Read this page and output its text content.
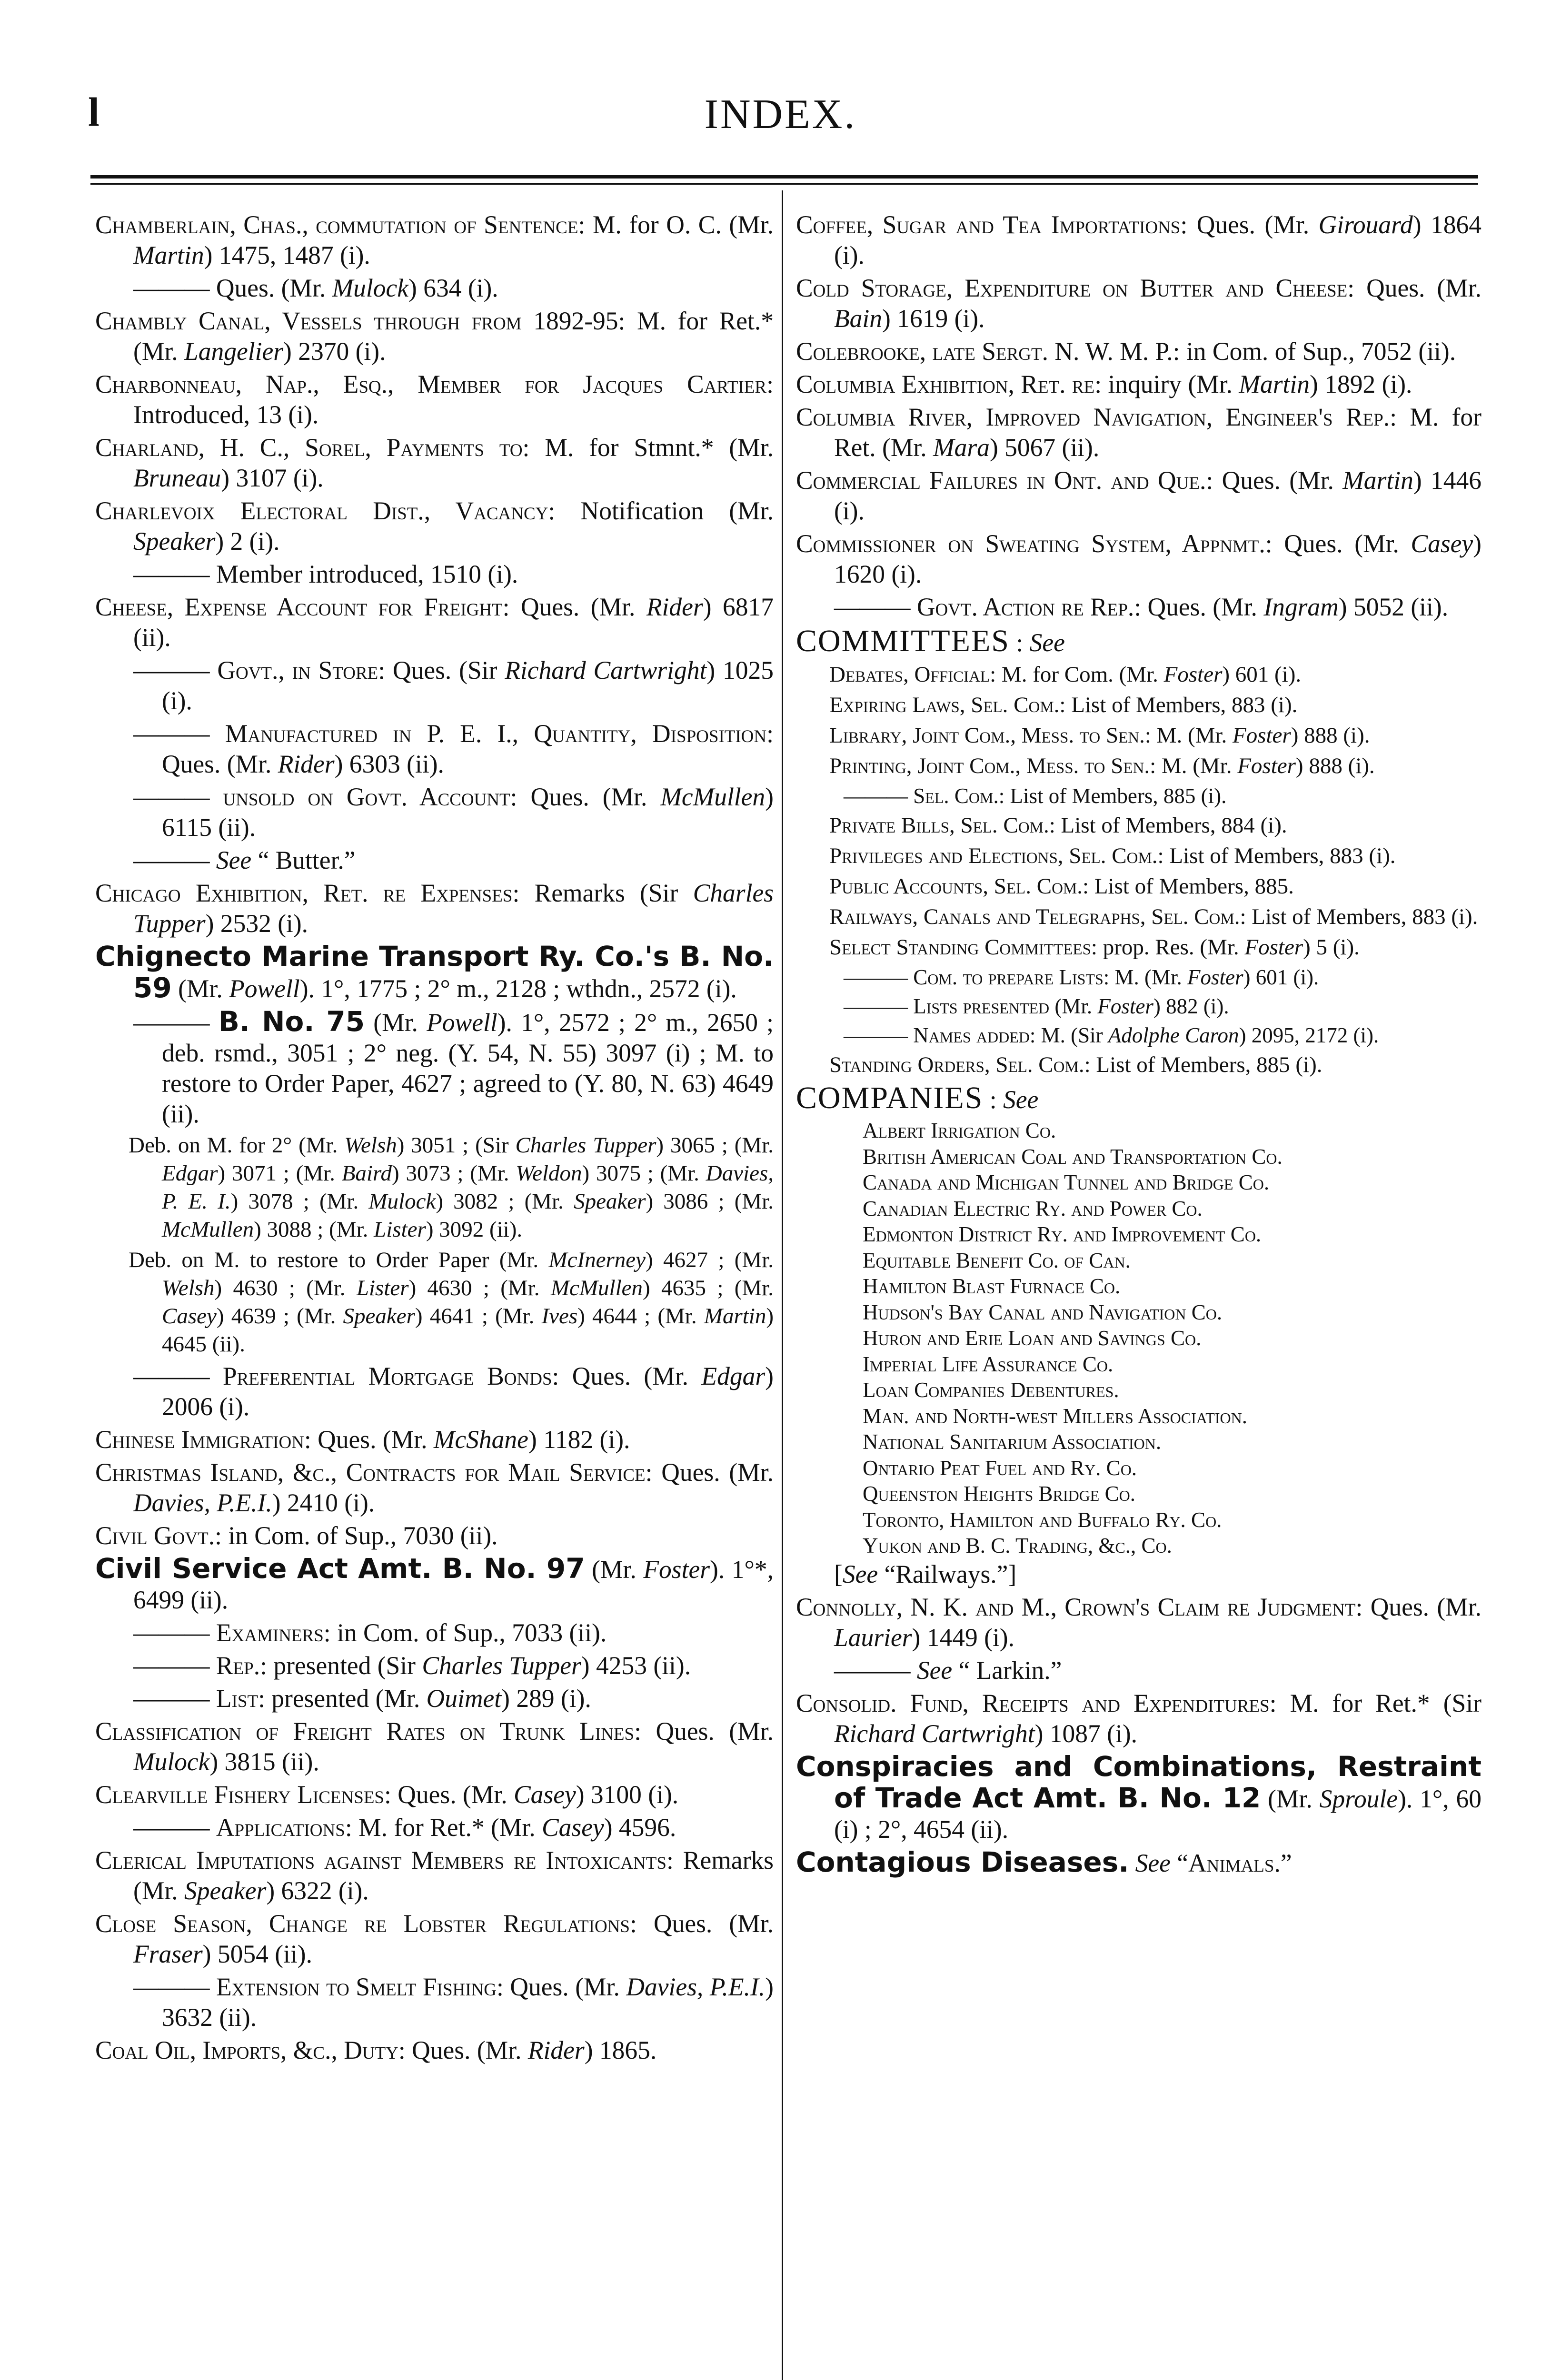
l	INDEX.

Chamberlain, Chas., commutation of Sentence: M. for O. C. (Mr. Martin) 1475, 1487 (i).

——— Ques. (Mr. Mulock) 634 (i).

Chambly Canal, Vessels through from 1892-95: M. for Ret.* (Mr. Langelier) 2370 (i).

Charbonneau, Nap., Esq., Member for Jacques Cartier: Introduced, 13 (i).

Charland, H. C., Sorel, Payments to: M. for Stmnt.* (Mr. Bruneau) 3107 (i).

Charlevoix Electoral Dist., Vacancy: Notification (Mr. Speaker) 2 (i).

——— Member introduced, 1510 (i).

Cheese, Expense Account for Freight: Ques. (Mr. Rider) 6817 (ii).

——— Govt., in Store: Ques. (Sir Richard Cartwright) 1025 (i).

——— Manufactured in P. E. I., Quantity, Disposition: Ques. (Mr. Rider) 6303 (ii).

——— unsold on Govt. Account: Ques. (Mr. McMullen) 6115 (ii).

——— See “ Butter.”

Chicago Exhibition, Ret. re Expenses: Remarks (Sir Charles Tupper) 2532 (i).

Chignecto Marine Transport Ry. Co.'s B. No. 59 (Mr. Powell). 1°, 1775 ; 2° m., 2128 ; wthdn., 2572 (i).

——— B. No. 75 (Mr. Powell). 1°, 2572 ; 2° m., 2650 ; deb. rsmd., 3051 ; 2° neg. (Y. 54, N. 55) 3097 (i) ; M. to restore to Order Paper, 4627 ; agreed to (Y. 80, N. 63) 4649 (ii).

Deb. on M. for 2° (Mr. Welsh) 3051 ; (Sir Charles Tupper) 3065 ; (Mr. Edgar) 3071 ; (Mr. Baird) 3073 ; (Mr. Weldon) 3075 ; (Mr. Davies, P. E. I.) 3078 ; (Mr. Mulock) 3082 ; (Mr. Speaker) 3086 ; (Mr. McMullen) 3088 ; (Mr. Lister) 3092 (ii).

Deb. on M. to restore to Order Paper (Mr. McInerney) 4627 ; (Mr. Welsh) 4630 ; (Mr. Lister) 4630 ; (Mr. McMullen) 4635 ; (Mr. Casey) 4639 ; (Mr. Speaker) 4641 ; (Mr. Ives) 4644 ; (Mr. Martin) 4645 (ii).

——— Preferential Mortgage Bonds: Ques. (Mr. Edgar) 2006 (i).

Chinese Immigration: Ques. (Mr. McShane) 1182 (i).

Christmas Island, &c., Contracts for Mail Service: Ques. (Mr. Davies, P.E.I.) 2410 (i).

Civil Govt.: in Com. of Sup., 7030 (ii).

Civil Service Act Amt. B. No. 97 (Mr. Foster). 1°*, 6499 (ii).

——— Examiners: in Com. of Sup., 7033 (ii).

——— Rep.: presented (Sir Charles Tupper) 4253 (ii).

——— List: presented (Mr. Ouimet) 289 (i).

Classification of Freight Rates on Trunk Lines: Ques. (Mr. Mulock) 3815 (ii).

Clearville Fishery Licenses: Ques. (Mr. Casey) 3100 (i).

——— Applications: M. for Ret.* (Mr. Casey) 4596.

Clerical Imputations against Members re Intoxicants: Remarks (Mr. Speaker) 6322 (i).

Close Season, Change re Lobster Regulations: Ques. (Mr. Fraser) 5054 (ii).

——— Extension to Smelt Fishing: Ques. (Mr. Davies, P.E.I.) 3632 (ii).

Coal Oil, Imports, &c., Duty: Ques. (Mr. Rider) 1865.

Coffee, Sugar and Tea Importations: Ques. (Mr. Girouard) 1864 (i).

Cold Storage, Expenditure on Butter and Cheese: Ques. (Mr. Bain) 1619 (i).

Colebrooke, late Sergt. N. W. M. P.: in Com. of Sup., 7052 (ii).

Columbia Exhibition, Ret. re: inquiry (Mr. Martin) 1892 (i).

Columbia River, Improved Navigation, Engineer's Rep.: M. for Ret. (Mr. Mara) 5067 (ii).

Commercial Failures in Ont. and Que.: Ques. (Mr. Martin) 1446 (i).

Commissioner on Sweating System, Appnmt.: Ques. (Mr. Casey) 1620 (i).

——— Govt. Action re Rep.: Ques. (Mr. Ingram) 5052 (ii).

COMMITTEES : See

Debates, Official: M. for Com. (Mr. Foster) 601 (i).

Expiring Laws, Sel. Com.: List of Members, 883 (i).

Library, Joint Com., Mess. to Sen.: M. (Mr. Foster) 888 (i).

Printing, Joint Com., Mess. to Sen.: M. (Mr. Foster) 888 (i).

——— Sel. Com.: List of Members, 885 (i).

Private Bills, Sel. Com.: List of Members, 884 (i).

Privileges and Elections, Sel. Com.: List of Members, 883 (i).

Public Accounts, Sel. Com.: List of Members, 885.

Railways, Canals and Telegraphs, Sel. Com.: List of Members, 883 (i).

Select Standing Committees: prop. Res. (Mr. Foster) 5 (i).

——— Com. to prepare Lists: M. (Mr. Foster) 601 (i).

——— Lists presented (Mr. Foster) 882 (i).

——— Names added: M. (Sir Adolphe Caron) 2095, 2172 (i).

Standing Orders, Sel. Com.: List of Members, 885 (i).

COMPANIES : See

Albert Irrigation Co.

British American Coal and Transportation Co.

Canada and Michigan Tunnel and Bridge Co.

Canadian Electric Ry. and Power Co.

Edmonton District Ry. and Improvement Co.

Equitable Benefit Co. of Can.

Hamilton Blast Furnace Co.

Hudson's Bay Canal and Navigation Co.

Huron and Erie Loan and Savings Co.

Imperial Life Assurance Co.

Loan Companies Debentures.

Man. and North-west Millers Association.

National Sanitarium Association.

Ontario Peat Fuel and Ry. Co.

Queenston Heights Bridge Co.

Toronto, Hamilton and Buffalo Ry. Co.

Yukon and B. C. Trading, &c., Co.

[See “Railways.”]

Connolly, N. K. and M., Crown's Claim re Judgment: Ques. (Mr. Laurier) 1449 (i).

——— See “ Larkin.”

Consolid. Fund, Receipts and Expenditures: M. for Ret.* (Sir Richard Cartwright) 1087 (i).

Conspiracies and Combinations, Restraint of Trade Act Amt. B. No. 12 (Mr. Sproule). 1°, 60 (i) ; 2°, 4654 (ii).

Contagious Diseases. See “Animals.”
